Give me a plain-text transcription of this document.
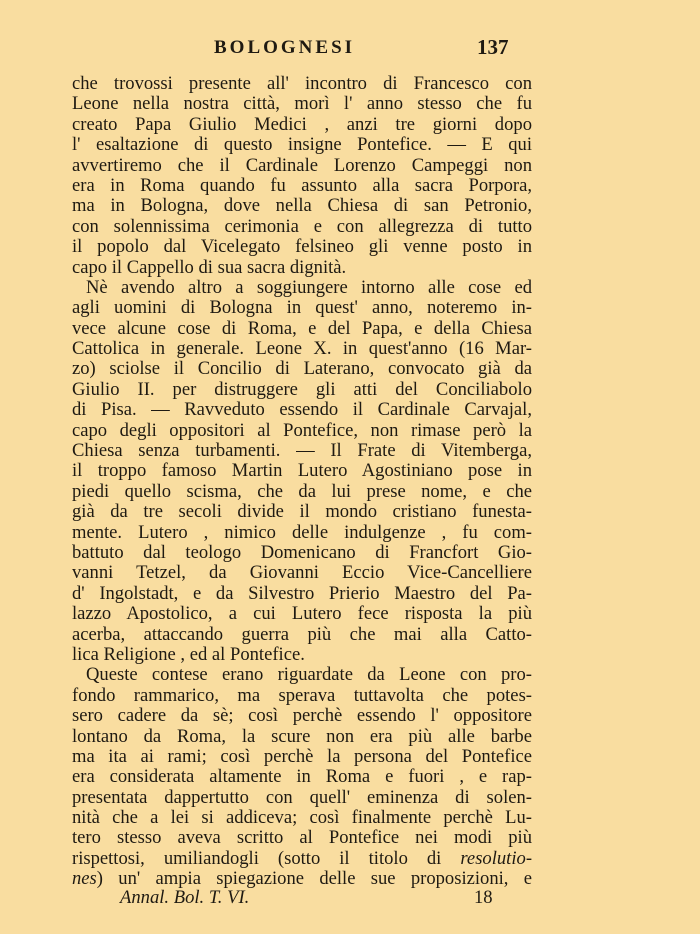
BOLOGNESI	137
che trovossi presente all' incontro di Francesco con
Leone nella nostra città, morì l' anno stesso che fu
creato Papa Giulio Medici , anzi tre giorni dopo
l' esaltazione di questo insigne Pontefice. — E qui
avvertiremo che il Cardinale Lorenzo Campeggi non
era in Roma quando fu assunto alla sacra Porpora,
ma in Bologna, dove nella Chiesa di san Petronio,
con solennissima cerimonia e con allegrezza di tutto
il popolo dal Vicelegato felsineo gli venne posto in
capo il Cappello di sua sacra dignità.
Nè avendo altro a soggiungere intorno alle cose ed
agli uomini di Bologna in quest' anno, noteremo in-
vece alcune cose di Roma, e del Papa, e della Chiesa
Cattolica in generale. Leone X. in quest'anno (16 Mar-
zo) sciolse il Concilio di Laterano, convocato già da
Giulio II. per distruggere gli atti del Conciliabolo
di Pisa. — Ravveduto essendo il Cardinale Carvajal,
capo degli oppositori al Pontefice, non rimase però la
Chiesa senza turbamenti. — Il Frate di Vitemberga,
il troppo famoso Martin Lutero Agostiniano pose in
piedi quello scisma, che da lui prese nome, e che
già da tre secoli divide il mondo cristiano funesta-
mente. Lutero , nimico delle indulgenze , fu com-
battuto dal teologo Domenicano di Francfort Gio-
vanni Tetzel, da Giovanni Eccio Vice-Cancelliere
d' Ingolstadt, e da Silvestro Prierio Maestro del Pa-
lazzo Apostolico, a cui Lutero fece risposta la più
acerba, attaccando guerra più che mai alla Catto-
lica Religione , ed al Pontefice.
Queste contese erano riguardate da Leone con pro-
fondo rammarico, ma sperava tuttavolta che potes-
sero cadere da sè; così perchè essendo l' oppositore
lontano da Roma, la scure non era più alle barbe
ma ita ai rami; così perchè la persona del Pontefice
era considerata altamente in Roma e fuori , e rap-
presentata dappertutto con quell' eminenza di solen-
nità che a lei si addiceva; così finalmente perchè Lu-
tero stesso aveva scritto al Pontefice nei modi più
rispettosi, umiliandogli (sotto il titolo di resolutio-
nes) un' ampia spiegazione delle sue proposizioni, e
Annal. Bol. T. VI.	18
